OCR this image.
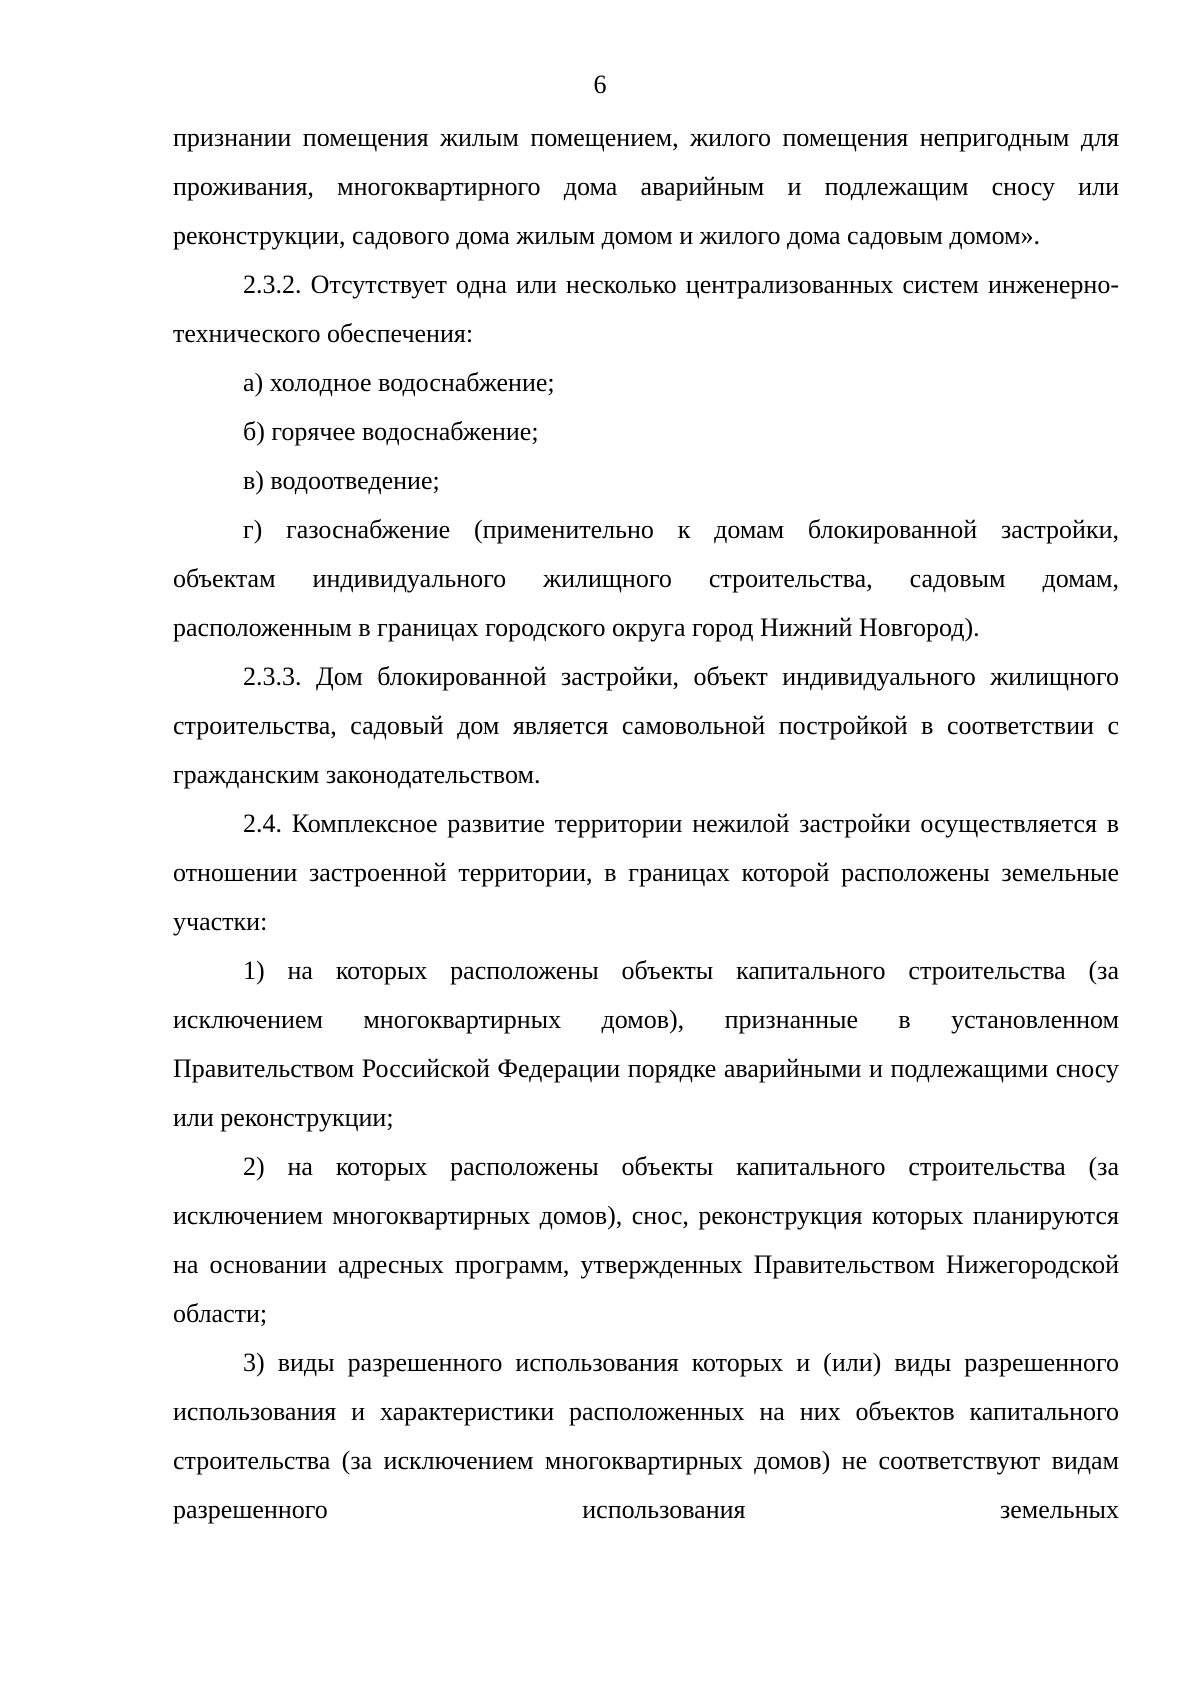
6

признании помещения жилым помещением, жилого помещения непригодным для проживания, многоквартирного дома аварийным и подлежащим сносу или реконструкции, садового дома жилым домом и жилого дома садовым домом».

2.3.2. Отсутствует одна или несколько централизованных систем инженерно-технического обеспечения:

а) холодное водоснабжение;

б) горячее водоснабжение;

в) водоотведение;

г) газоснабжение (применительно к домам блокированной застройки, объектам индивидуального жилищного строительства, садовым домам, расположенным в границах городского округа город Нижний Новгород).

2.3.3. Дом блокированной застройки, объект индивидуального жилищного строительства, садовый дом является самовольной постройкой в соответствии с гражданским законодательством.

2.4. Комплексное развитие территории нежилой застройки осуществляется в отношении застроенной территории, в границах которой расположены земельные участки:

1) на которых расположены объекты капитального строительства (за исключением многоквартирных домов), признанные в установленном Правительством Российской Федерации порядке аварийными и подлежащими сносу или реконструкции;

2) на которых расположены объекты капитального строительства (за исключением многоквартирных домов), снос, реконструкция которых планируются на основании адресных программ, утвержденных Правительством Нижегородской области;

3) виды разрешенного использования которых и (или) виды разрешенного использования и характеристики расположенных на них объектов капитального строительства (за исключением многоквартирных домов) не соответствуют видам разрешенного использования земельных
